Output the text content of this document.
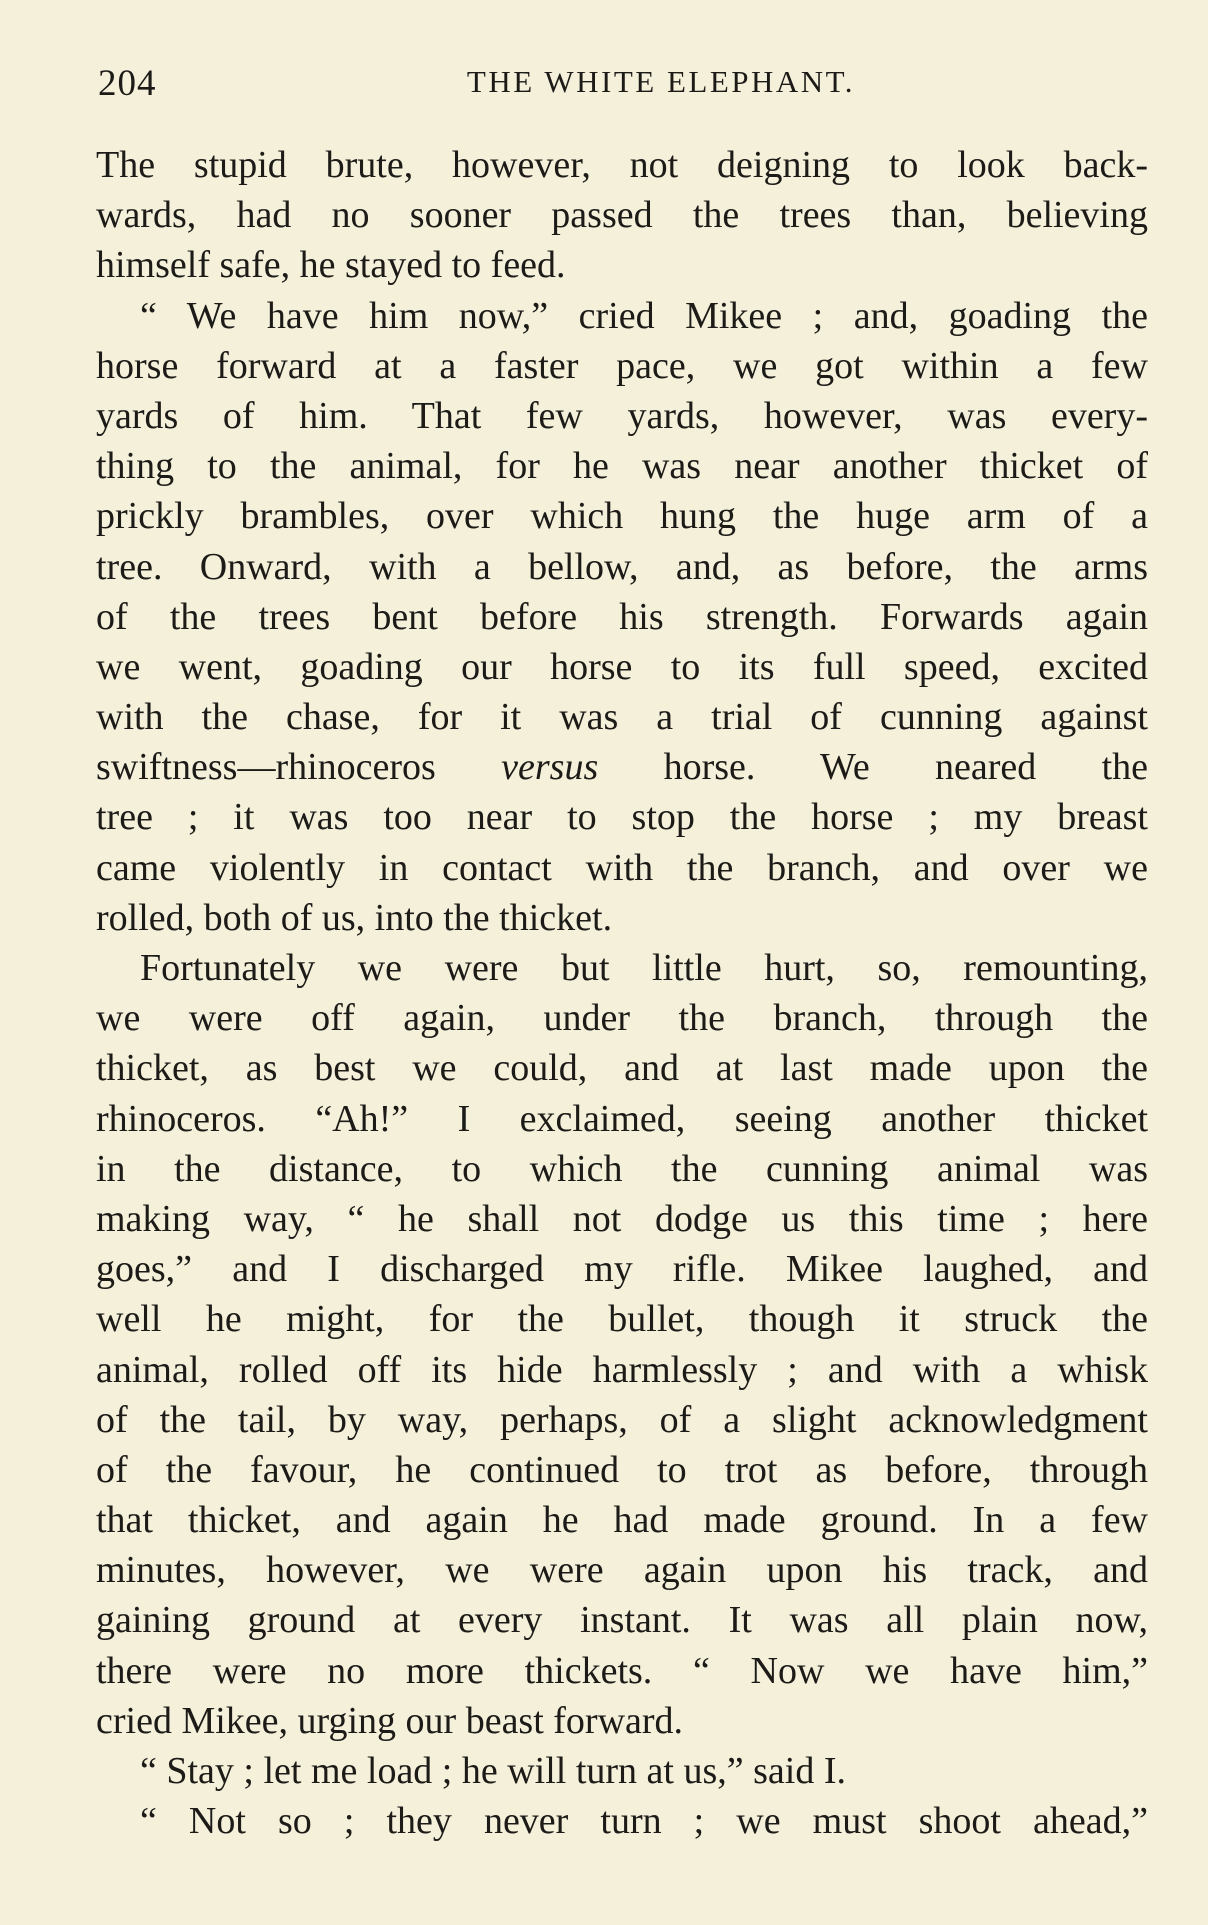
204	THE WHITE ELEPHANT.
The stupid brute, however, not deigning to look back-
wards, had no sooner passed the trees than, believing
himself safe, he stayed to feed.
“ We have him now,” cried Mikee ; and, goading the
horse forward at a faster pace, we got within a few
yards of him. That few yards, however, was every-
thing to the animal, for he was near another thicket of
prickly brambles, over which hung the huge arm of a
tree. Onward, with a bellow, and, as before, the arms
of the trees bent before his strength. Forwards again
we went, goading our horse to its full speed, excited
with the chase, for it was a trial of cunning against
swiftness—rhinoceros versus horse. We neared the
tree ; it was too near to stop the horse ; my breast
came violently in contact with the branch, and over we
rolled, both of us, into the thicket.
Fortunately we were but little hurt, so, remounting,
we were off again, under the branch, through the
thicket, as best we could, and at last made upon the
rhinoceros. “Ah!” I exclaimed, seeing another thicket
in the distance, to which the cunning animal was
making way, “ he shall not dodge us this time ; here
goes,” and I discharged my rifle. Mikee laughed, and
well he might, for the bullet, though it struck the
animal, rolled off its hide harmlessly ; and with a whisk
of the tail, by way, perhaps, of a slight acknowledgment
of the favour, he continued to trot as before, through
that thicket, and again he had made ground. In a few
minutes, however, we were again upon his track, and
gaining ground at every instant. It was all plain now,
there were no more thickets. “ Now we have him,”
cried Mikee, urging our beast forward.
“ Stay ; let me load ; he will turn at us,” said I.
“ Not so ; they never turn ; we must shoot ahead,”
